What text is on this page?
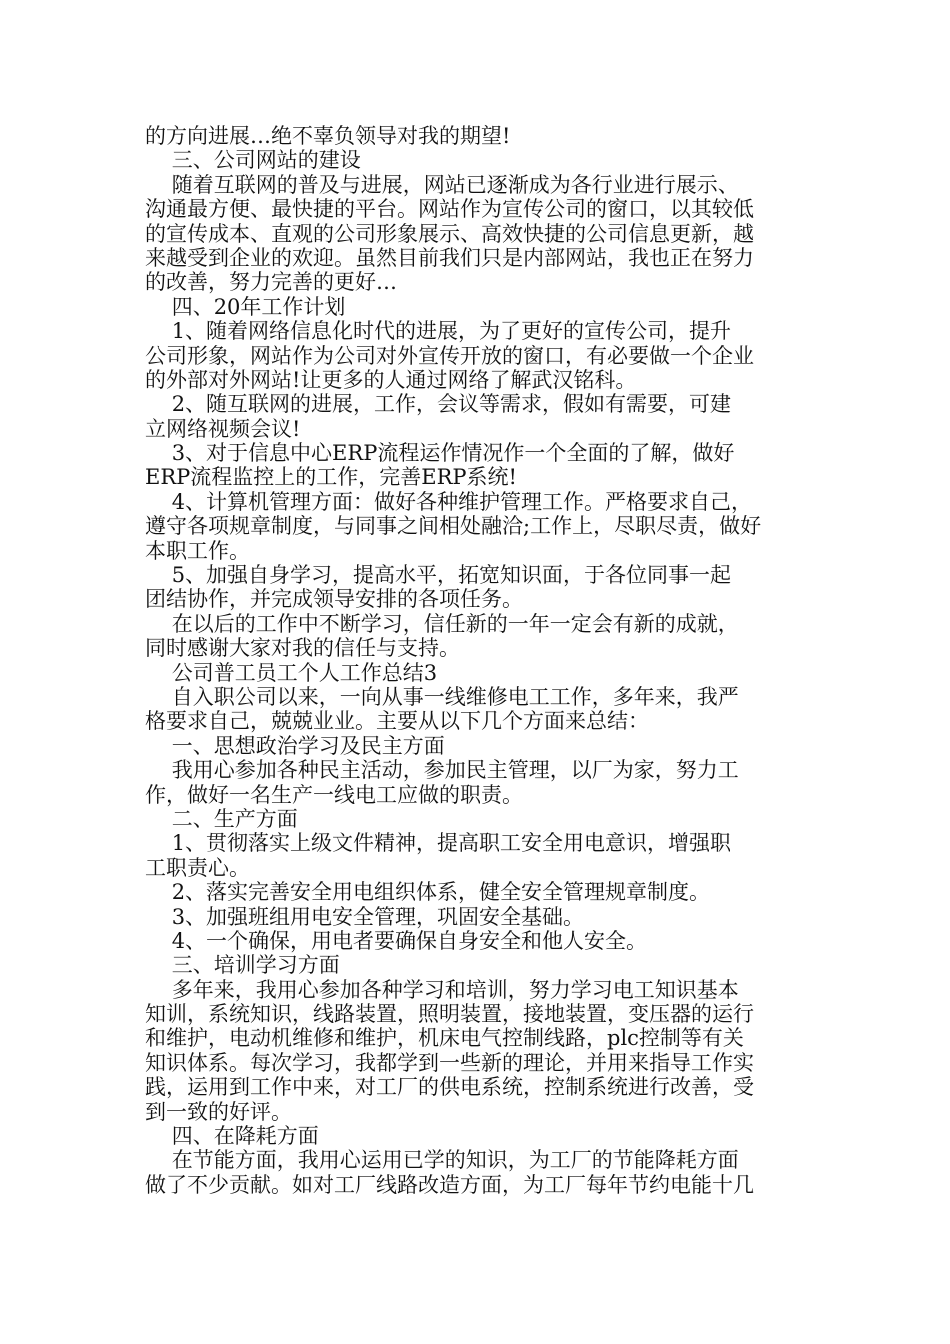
的方向进展…绝不辜负领导对我的期望!
三、公司网站的建设
随着互联网的普及与进展，网站已逐渐成为各行业进行展示、
沟通最方便、最快捷的平台。网站作为宣传公司的窗口，以其较低
的宣传成本、直观的公司形象展示、高效快捷的公司信息更新，越
来越受到企业的欢迎。虽然目前我们只是内部网站，我也正在努力
的改善，努力完善的更好…
四、20年工作计划
1、随着网络信息化时代的进展，为了更好的宣传公司，提升
公司形象，网站作为公司对外宣传开放的窗口，有必要做一个企业
的外部对外网站!让更多的人通过网络了解武汉铭科。
2、随互联网的进展，工作，会议等需求，假如有需要，可建
立网络视频会议!
3、对于信息中心ERP流程运作情况作一个全面的了解，做好
ERP流程监控上的工作，完善ERP系统!
4、计算机管理方面：做好各种维护管理工作。严格要求自己，
遵守各项规章制度，与同事之间相处融洽;工作上，尽职尽责，做好
本职工作。
5、加强自身学习，提高水平，拓宽知识面，于各位同事一起
团结协作，并完成领导安排的各项任务。
在以后的工作中不断学习，信任新的一年一定会有新的成就，
同时感谢大家对我的信任与支持。
公司普工员工个人工作总结3
自入职公司以来，一向从事一线维修电工工作，多年来，我严
格要求自己，兢兢业业。主要从以下几个方面来总结：
一、思想政治学习及民主方面
我用心参加各种民主活动，参加民主管理，以厂为家，努力工
作，做好一名生产一线电工应做的职责。
二、生产方面
1、贯彻落实上级文件精神，提高职工安全用电意识，增强职
工职责心。
2、落实完善安全用电组织体系，健全安全管理规章制度。
3、加强班组用电安全管理，巩固安全基础。
4、一个确保，用电者要确保自身安全和他人安全。
三、培训学习方面
多年来，我用心参加各种学习和培训，努力学习电工知识基本
知训，系统知识，线路装置，照明装置，接地装置，变压器的运行
和维护，电动机维修和维护，机床电气控制线路，plc控制等有关
知识体系。每次学习，我都学到一些新的理论，并用来指导工作实
践，运用到工作中来，对工厂的供电系统，控制系统进行改善，受
到一致的好评。
四、在降耗方面
在节能方面，我用心运用已学的知识，为工厂的节能降耗方面
做了不少贡献。如对工厂线路改造方面，为工厂每年节约电能十几
